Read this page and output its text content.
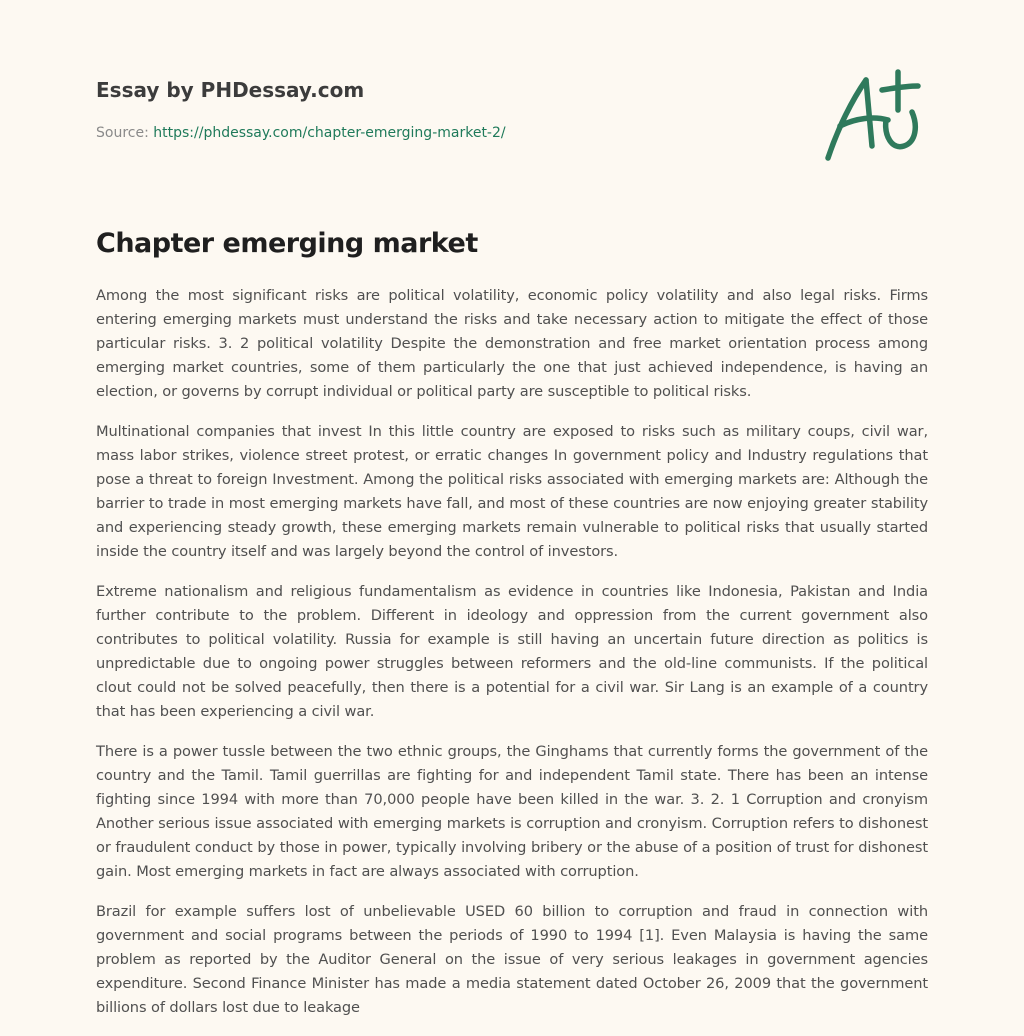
Essay by PHDessay.com
Source: https://phdessay.com/chapter-emerging-market-2/
Chapter emerging market

Among the most significant risks are political volatility, economic policy volatility and also legal risks. Firms entering emerging markets must understand the risks and take necessary action to mitigate the effect of those particular risks. 3. 2 political volatility Despite the demonstration and free market orientation process among emerging market countries, some of them particularly the one that just achieved independence, is having an election, or governs by corrupt individual or political party are susceptible to political risks.

Multinational companies that invest In this little country are exposed to risks such as military coups, civil war, mass labor strikes, violence street protest, or erratic changes In government policy and Industry regulations that pose a threat to foreign Investment. Among the political risks associated with emerging markets are: Although the barrier to trade in most emerging markets have fall, and most of these countries are now enjoying greater stability and experiencing steady growth, these emerging markets remain vulnerable to political risks that usually started inside the country itself and was largely beyond the control of investors.

Extreme nationalism and religious fundamentalism as evidence in countries like Indonesia, Pakistan and India further contribute to the problem. Different in ideology and oppression from the current government also contributes to political volatility. Russia for example is still having an uncertain future direction as politics is unpredictable due to ongoing power struggles between reformers and the old-line communists. If the political clout could not be solved peacefully, then there is a potential for a civil war. Sir Lang is an example of a country that has been experiencing a civil war.

There is a power tussle between the two ethnic groups, the Ginghams that currently forms the government of the country and the Tamil. Tamil guerrillas are fighting for and independent Tamil state. There has been an intense fighting since 1994 with more than 70,000 people have been killed in the war. 3. 2. 1 Corruption and cronyism Another serious issue associated with emerging markets is corruption and cronyism. Corruption refers to dishonest or fraudulent conduct by those in power, typically involving bribery or the abuse of a position of trust for dishonest gain. Most emerging markets in fact are always associated with corruption.

Brazil for example suffers lost of unbelievable USED 60 billion to corruption and fraud in connection with government and social programs between the periods of 1990 to 1994 [1]. Even Malaysia is having the same problem as reported by the Auditor General on the issue of very serious leakages in government agencies expenditure. Second Finance Minister has made a media statement dated October 26, 2009 that the government billions of dollars lost due to leakage
